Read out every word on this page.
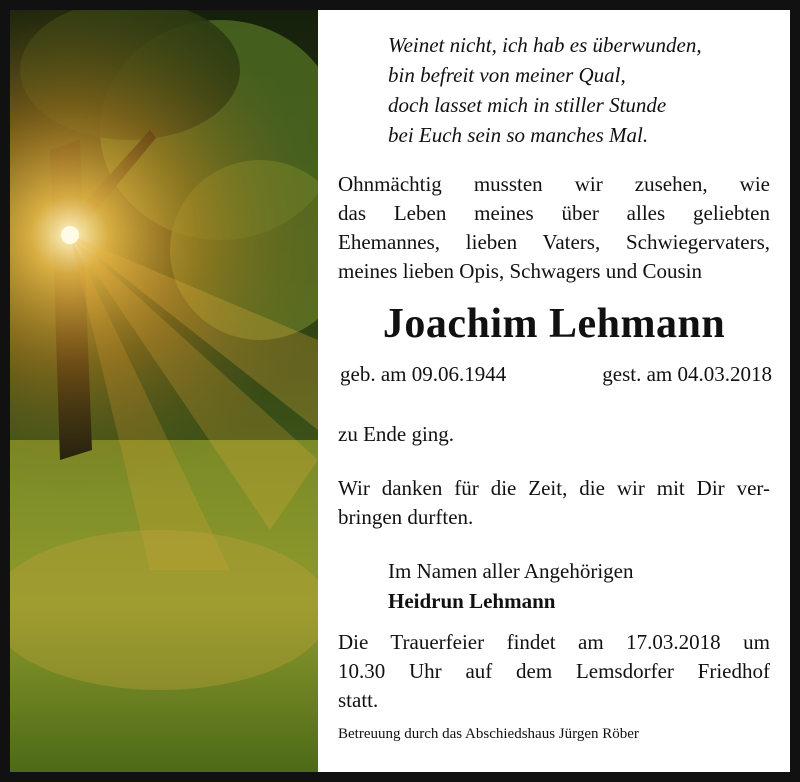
Weinet nicht, ich hab es überwunden,
bin befreit von meiner Qual,
doch lasset mich in stiller Stunde
bei Euch sein so manches Mal.
Ohnmächtig mussten wir zusehen, wie
das Leben meines über alles geliebten
Ehemannes, lieben Vaters, Schwiegervaters,
meines lieben Opis, Schwagers und Cousin
Joachim Lehmann
geb. am 09.06.1944	gest. am 04.03.2018
zu Ende ging.
Wir danken für die Zeit, die wir mit Dir ver-
bringen durften.
Im Namen aller Angehörigen
Heidrun Lehmann
Die Trauerfeier findet am 17.03.2018 um
10.30 Uhr auf dem Lemsdorfer Friedhof
statt.
Betreuung durch das Abschiedshaus Jürgen Röber
